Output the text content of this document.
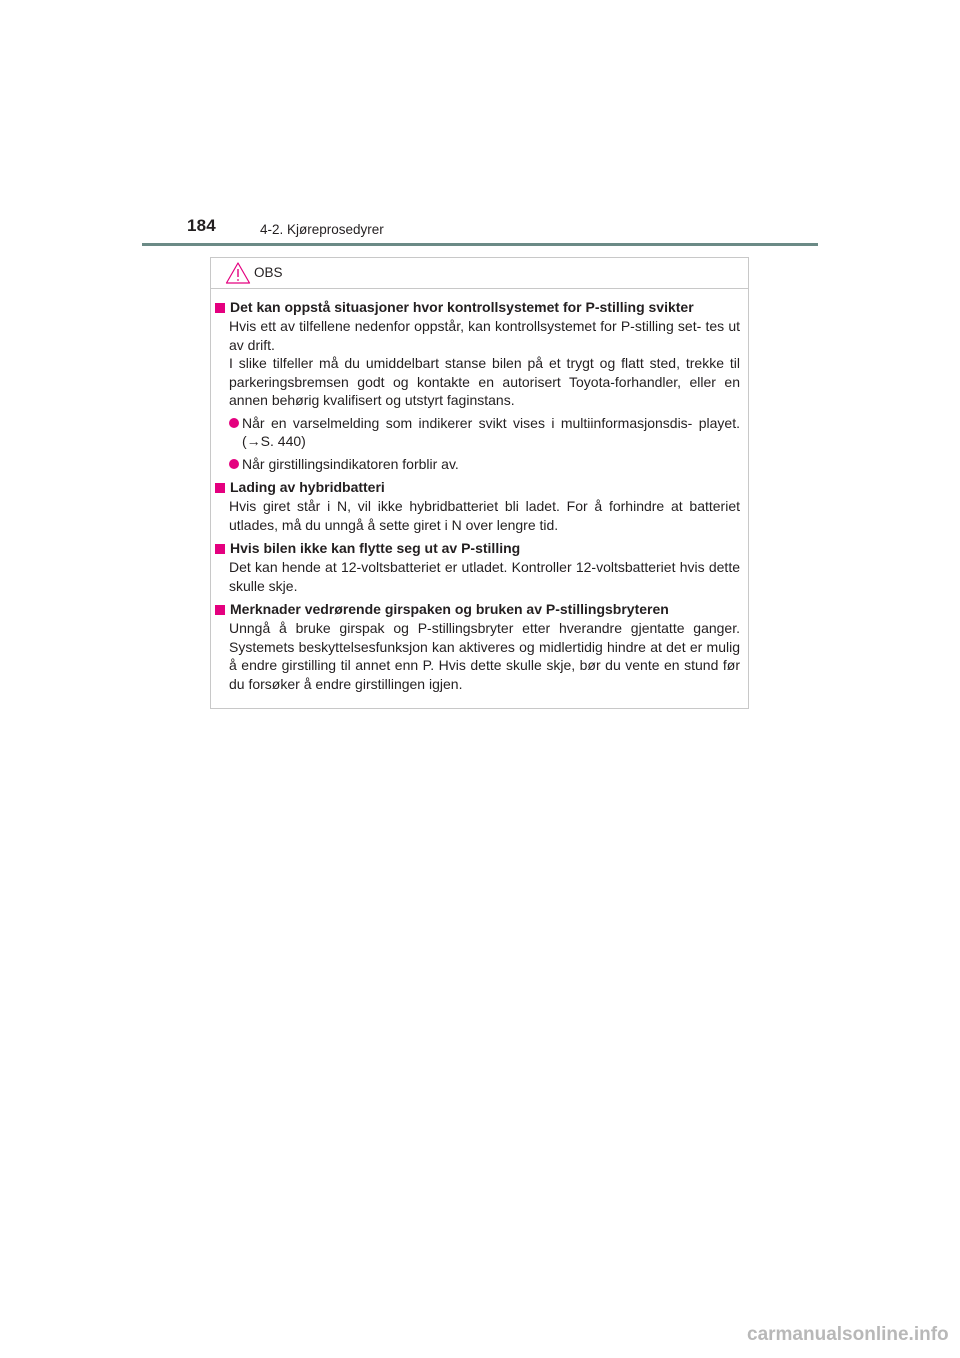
184	4-2. Kjøreprosedyrer
OBS
Det kan oppstå situasjoner hvor kontrollsystemet for P-stilling svikter
Hvis ett av tilfellene nedenfor oppstår, kan kontrollsystemet for P-stilling set- tes ut av drift.
I slike tilfeller må du umiddelbart stanse bilen på et trygt og flatt sted, trekke til parkeringsbremsen godt og kontakte en autorisert Toyota-forhandler, eller en annen behørig kvalifisert og utstyrt faginstans.
Når en varselmelding som indikerer svikt vises i multiinformasjonsdis- playet. (→S. 440)
Når girstillingsindikatoren forblir av.
Lading av hybridbatteri
Hvis giret står i N, vil ikke hybridbatteriet bli ladet. For å forhindre at batteriet utlades, må du unngå å sette giret i N over lengre tid.
Hvis bilen ikke kan flytte seg ut av P-stilling
Det kan hende at 12-voltsbatteriet er utladet. Kontroller 12-voltsbatteriet hvis dette skulle skje.
Merknader vedrørende girspaken og bruken av P-stillingsbryteren
Unngå å bruke girspak og P-stillingsbryter etter hverandre gjentatte ganger. Systemets beskyttelsesfunksjon kan aktiveres og midlertidig hindre at det er mulig å endre girstilling til annet enn P. Hvis dette skulle skje, bør du vente en stund før du forsøker å endre girstillingen igjen.
carmanualsonline.info
